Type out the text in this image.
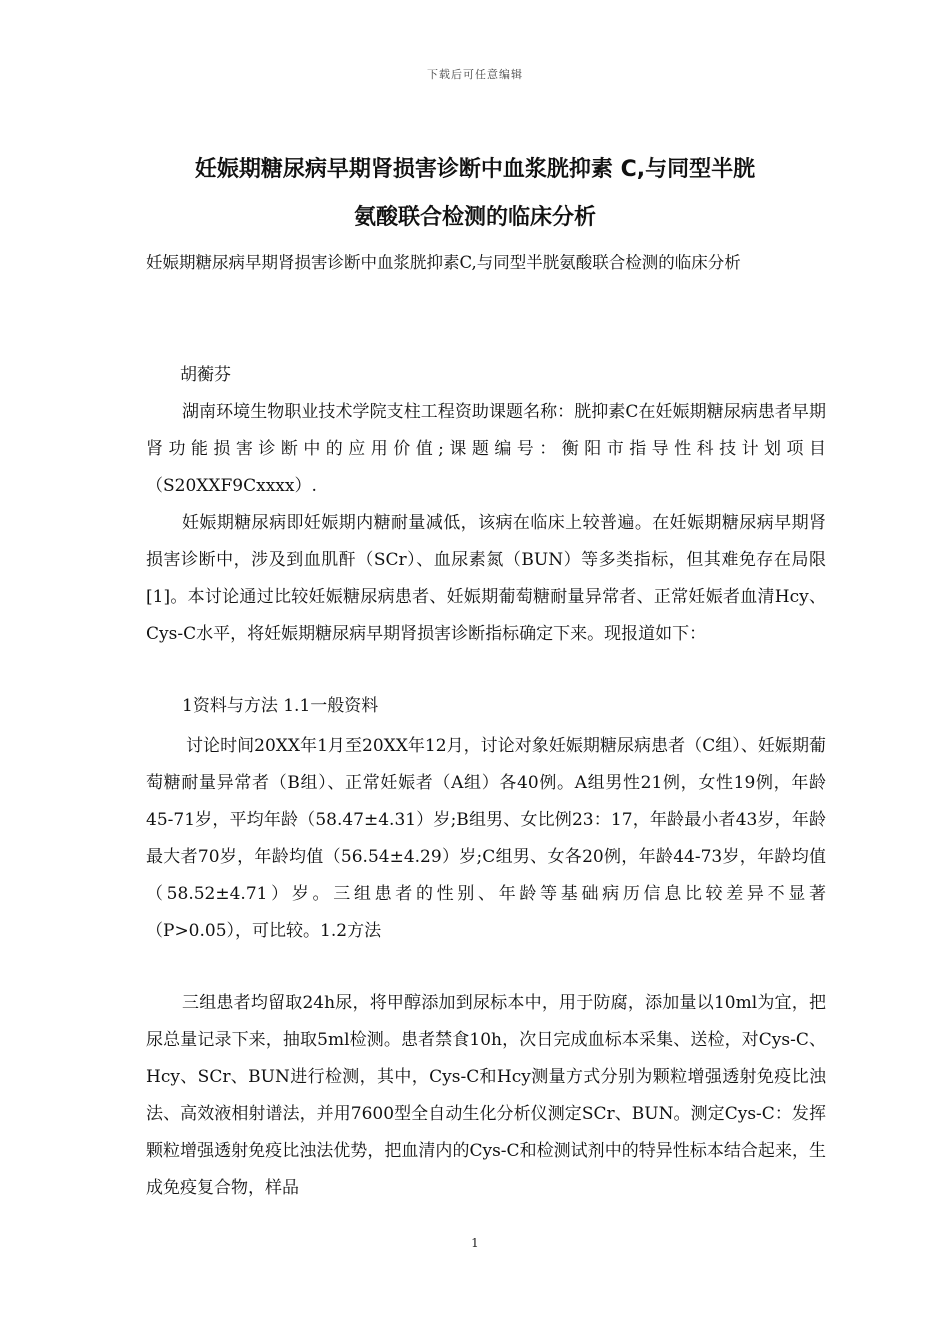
下载后可任意编辑
妊娠期糖尿病早期肾损害诊断中血浆胱抑素 C,与同型半胱
氨酸联合检测的临床分析
妊娠期糖尿病早期肾损害诊断中血浆胱抑素C,与同型半胱氨酸联合检测的临床分析
胡蘅芬
湖南环境生物职业技术学院支柱工程资助课题名称：胱抑素C在妊娠期糖尿病患者早期肾功能损害诊断中的应用价值;课题编号：衡阳市指导性科技计划项目（S20XXF9Cxxxx）.
妊娠期糖尿病即妊娠期内糖耐量减低，该病在临床上较普遍。在妊娠期糖尿病早期肾损害诊断中，涉及到血肌酐（SCr）、血尿素氮（BUN）等多类指标，但其难免存在局限[1]。本讨论通过比较妊娠糖尿病患者、妊娠期葡萄糖耐量异常者、正常妊娠者血清Hcy、Cys-C水平，将妊娠期糖尿病早期肾损害诊断指标确定下来。现报道如下：
1资料与方法 1.1一般资料
讨论时间20XX年1月至20XX年12月，讨论对象妊娠期糖尿病患者（C组）、妊娠期葡萄糖耐量异常者（B组）、正常妊娠者（A组）各40例。A组男性21例，女性19例，年龄45-71岁，平均年龄（58.47±4.31）岁;B组男、女比例23：17，年龄最小者43岁，年龄最大者70岁，年龄均值（56.54±4.29）岁;C组男、女各20例，年龄44-73岁，年龄均值（58.52±4.71）岁。三组患者的性别、年龄等基础病历信息比较差异不显著（P>0.05），可比较。1.2方法
三组患者均留取24h尿，将甲醇添加到尿标本中，用于防腐，添加量以10ml为宜，把尿总量记录下来，抽取5ml检测。患者禁食10h，次日完成血标本采集、送检，对Cys-C、Hcy、SCr、BUN进行检测，其中，Cys-C和Hcy测量方式分别为颗粒增强透射免疫比浊法、高效液相射谱法，并用7600型全自动生化分析仪测定SCr、BUN。测定Cys-C：发挥颗粒增强透射免疫比浊法优势，把血清内的Cys-C和检测试剂中的特异性标本结合起来，生成免疫复合物，样品
1
